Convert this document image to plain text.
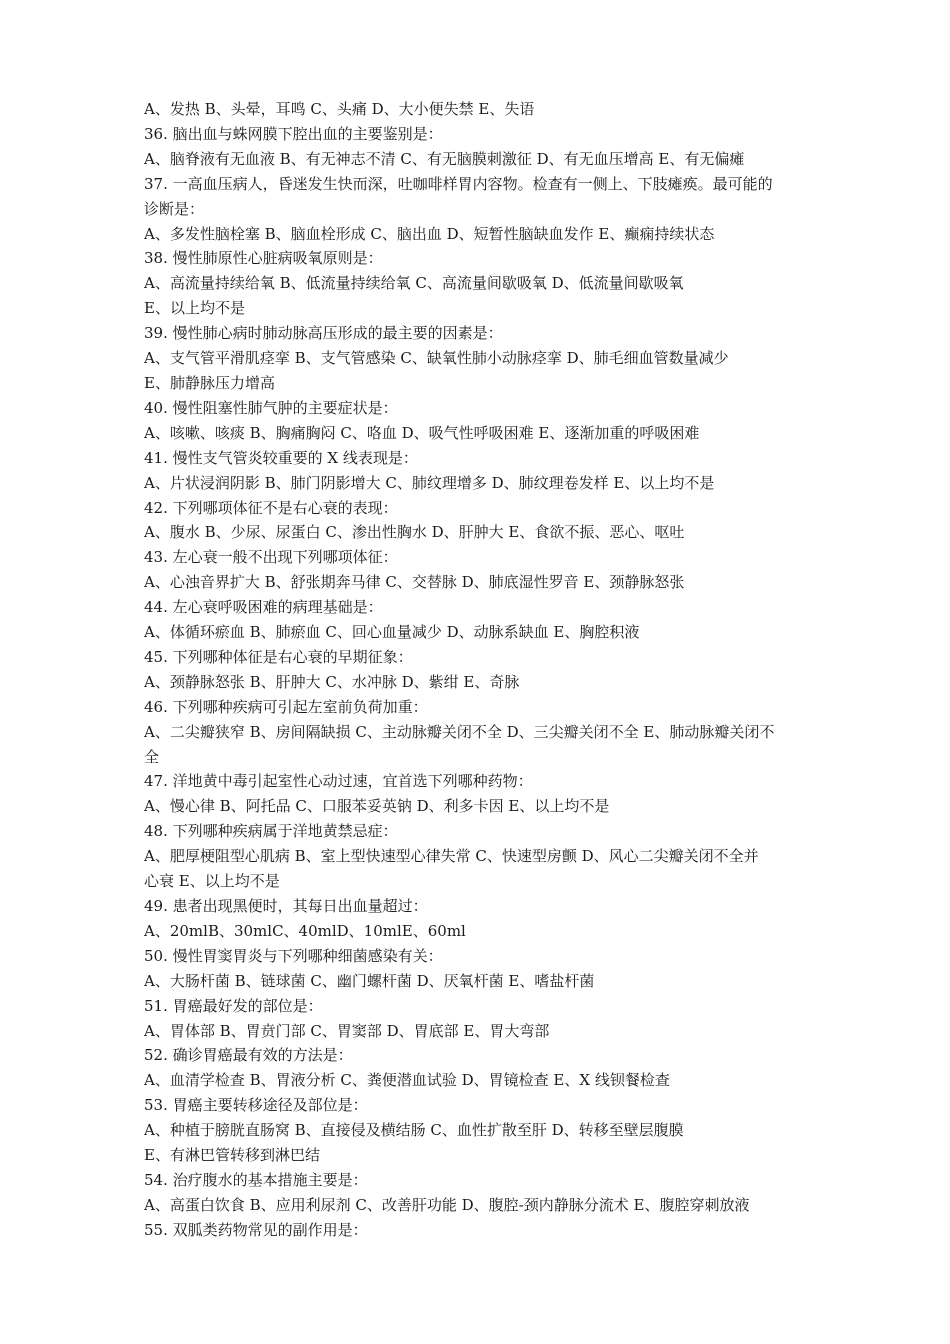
A、发热 B、头晕，耳鸣 C、头痛 D、大小便失禁 E、失语
36. 脑出血与蛛网膜下腔出血的主要鉴别是：
A、脑脊液有无血液 B、有无神志不清 C、有无脑膜刺激征 D、有无血压增高 E、有无偏瘫
37. 一高血压病人，昏迷发生快而深，吐咖啡样胃内容物。检查有一侧上、下肢瘫痪。最可能的
诊断是：
A、多发性脑栓塞 B、脑血栓形成 C、脑出血 D、短暂性脑缺血发作 E、癫痫持续状态
38. 慢性肺原性心脏病吸氧原则是：
A、高流量持续给氧 B、低流量持续给氧 C、高流量间歇吸氧 D、低流量间歇吸氧
E、以上均不是
39. 慢性肺心病时肺动脉高压形成的最主要的因素是：
A、支气管平滑肌痉挛 B、支气管感染 C、缺氧性肺小动脉痉挛 D、肺毛细血管数量减少
E、肺静脉压力增高
40. 慢性阻塞性肺气肿的主要症状是：
A、咳嗽、咳痰 B、胸痛胸闷 C、咯血 D、吸气性呼吸困难 E、逐渐加重的呼吸困难
41. 慢性支气管炎较重要的 X 线表现是：
A、片状浸润阴影 B、肺门阴影增大 C、肺纹理增多 D、肺纹理卷发样 E、以上均不是
42. 下列哪项体征不是右心衰的表现：
A、腹水 B、少尿、尿蛋白 C、渗出性胸水 D、肝肿大 E、食欲不振、恶心、呕吐
43. 左心衰一般不出现下列哪项体征：
A、心浊音界扩大 B、舒张期奔马律 C、交替脉 D、肺底湿性罗音 E、颈静脉怒张
44. 左心衰呼吸困难的病理基础是：
A、体循环瘀血 B、肺瘀血 C、回心血量减少 D、动脉系缺血 E、胸腔积液
45. 下列哪种体征是右心衰的早期征象：
A、颈静脉怒张 B、肝肿大 C、水冲脉 D、紫绀 E、奇脉
46. 下列哪种疾病可引起左室前负荷加重：
A、二尖瓣狭窄 B、房间隔缺损 C、主动脉瓣关闭不全 D、三尖瓣关闭不全 E、肺动脉瓣关闭不
全
47. 洋地黄中毒引起室性心动过速，宜首选下列哪种药物：
A、慢心律 B、阿托品 C、口服苯妥英钠 D、利多卡因 E、以上均不是
48. 下列哪种疾病属于洋地黄禁忌症：
A、肥厚梗阻型心肌病 B、室上型快速型心律失常 C、快速型房颤 D、风心二尖瓣关闭不全并
心衰 E、以上均不是
49. 患者出现黑便时，其每日出血量超过：
A、20mlB、30mlC、40mlD、10mlE、60ml
50. 慢性胃窦胃炎与下列哪种细菌感染有关：
A、大肠杆菌 B、链球菌 C、幽门螺杆菌 D、厌氧杆菌 E、嗜盐杆菌
51. 胃癌最好发的部位是：
A、胃体部 B、胃贲门部 C、胃窦部 D、胃底部 E、胃大弯部
52. 确诊胃癌最有效的方法是：
A、血清学检查 B、胃液分析 C、粪便潜血试验 D、胃镜检查 E、X 线钡餐检查
53. 胃癌主要转移途径及部位是：
A、种植于膀胱直肠窝 B、直接侵及横结肠 C、血性扩散至肝 D、转移至壁层腹膜
E、有淋巴管转移到淋巴结
54. 治疗腹水的基本措施主要是：
A、高蛋白饮食 B、应用利尿剂 C、改善肝功能 D、腹腔-颈内静脉分流术 E、腹腔穿刺放液
55. 双胍类药物常见的副作用是：
